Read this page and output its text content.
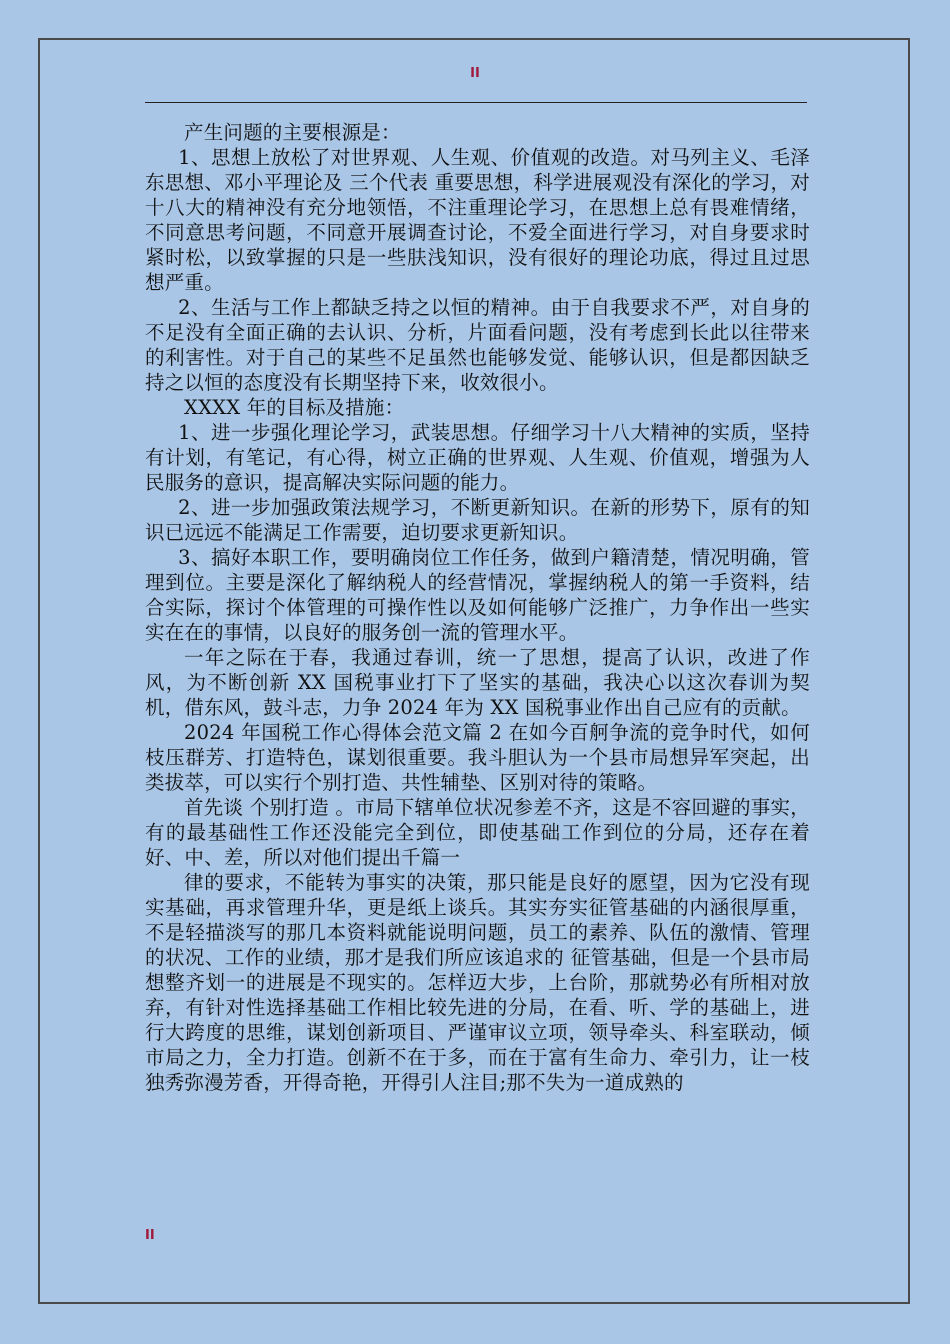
II

产生问题的主要根源是：

1、思想上放松了对世界观、人生观、价值观的改造。对马列主义、毛泽东思想、邓小平理论及 三个代表 重要思想，科学进展观没有深化的学习，对十八大的精神没有充分地领悟，不注重理论学习，在思想上总有畏难情绪，不同意思考问题，不同意开展调查讨论，不爱全面进行学习，对自身要求时紧时松，以致掌握的只是一些肤浅知识，没有很好的理论功底，得过且过思想严重。

2、生活与工作上都缺乏持之以恒的精神。由于自我要求不严，对自身的不足没有全面正确的去认识、分析，片面看问题，没有考虑到长此以往带来的利害性。对于自己的某些不足虽然也能够发觉、能够认识，但是都因缺乏持之以恒的态度没有长期坚持下来，收效很小。

XXXX 年的目标及措施：

1、进一步强化理论学习，武装思想。仔细学习十八大精神的实质，坚持有计划，有笔记，有心得，树立正确的世界观、人生观、价值观，增强为人民服务的意识，提高解决实际问题的能力。

2、进一步加强政策法规学习，不断更新知识。在新的形势下，原有的知识已远远不能满足工作需要，迫切要求更新知识。

3、搞好本职工作，要明确岗位工作任务，做到户籍清楚，情况明确，管理到位。主要是深化了解纳税人的经营情况，掌握纳税人的第一手资料，结合实际，探讨个体管理的可操作性以及如何能够广泛推广，力争作出一些实实在在的事情，以良好的服务创一流的管理水平。

一年之际在于春，我通过春训，统一了思想，提高了认识，改进了作风，为不断创新 XX 国税事业打下了坚实的基础，我决心以这次春训为契机，借东风，鼓斗志，力争 2024 年为 XX 国税事业作出自己应有的贡献。

2024 年国税工作心得体会范文篇 2 在如今百舸争流的竞争时代，如何枝压群芳、打造特色，谋划很重要。我斗胆认为一个县市局想异军突起，出类拔萃，可以实行个别打造、共性辅垫、区别对待的策略。

首先谈 个别打造 。市局下辖单位状况参差不齐，这是不容回避的事实，有的最基础性工作还没能完全到位，即使基础工作到位的分局，还存在着好、中、差，所以对他们提出千篇一

律的要求，不能转为事实的决策，那只能是良好的愿望，因为它没有现实基础，再求管理升华，更是纸上谈兵。其实夯实征管基础的内涵很厚重，不是轻描淡写的那几本资料就能说明问题，员工的素养、队伍的激情、管理的状况、工作的业绩，那才是我们所应该追求的 征管基础，但是一个县市局想整齐划一的进展是不现实的。怎样迈大步，上台阶，那就势必有所相对放弃，有针对性选择基础工作相比较先进的分局，在看、听、学的基础上，进行大跨度的思维，谋划创新项目、严谨审议立项，领导牵头、科室联动，倾市局之力，全力打造。创新不在于多，而在于富有生命力、牵引力，让一枝独秀弥漫芳香，开得奇艳，开得引人注目;那不失为一道成熟的

II
